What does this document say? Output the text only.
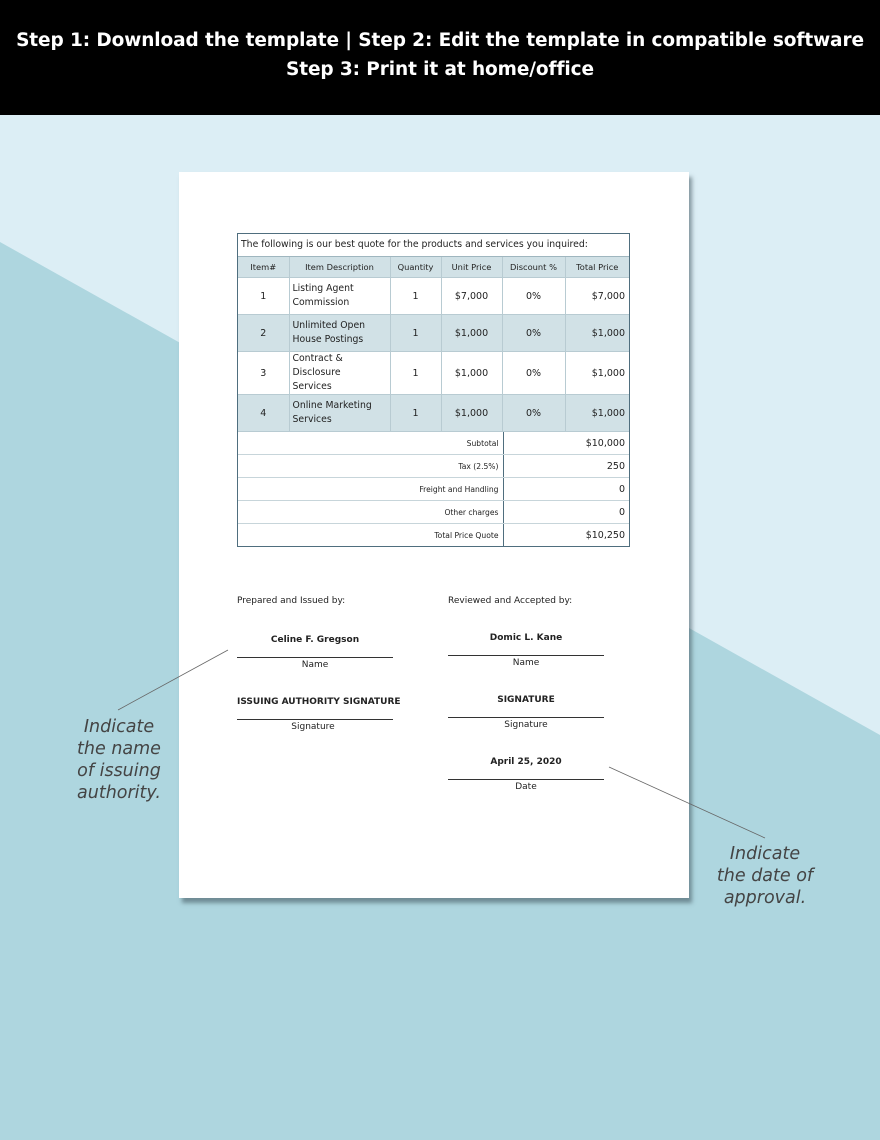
Step 1: Download the template | Step 2: Edit the template in compatible software
Step 3: Print it at home/office
The following is our best quote for the products and services you inquired:
Item#	Item Description	Quantity	Unit Price	Discount %	Total Price
1	Listing Agent
Commission	1	$7,000	0%	$7,000
2	Unlimited Open
House Postings	1	$1,000	0%	$1,000
3	Contract & Disclosure
Services	1	$1,000	0%	$1,000
4	Online Marketing
Services	1	$1,000	0%	$1,000
Subtotal	$10,000
Tax (2.5%)	250
Freight and Handling	0
Other charges	0
Total Price Quote	$10,250
Prepared and Issued by:
Celine F. Gregson
Name
ISSUING AUTHORITY SIGNATURE
Signature
Reviewed and Accepted by:
Domic L. Kane
Name
SIGNATURE
Signature
April 25, 2020
Date
Indicate
the name
of issuing
authority.
Indicate
the date of
approval.
